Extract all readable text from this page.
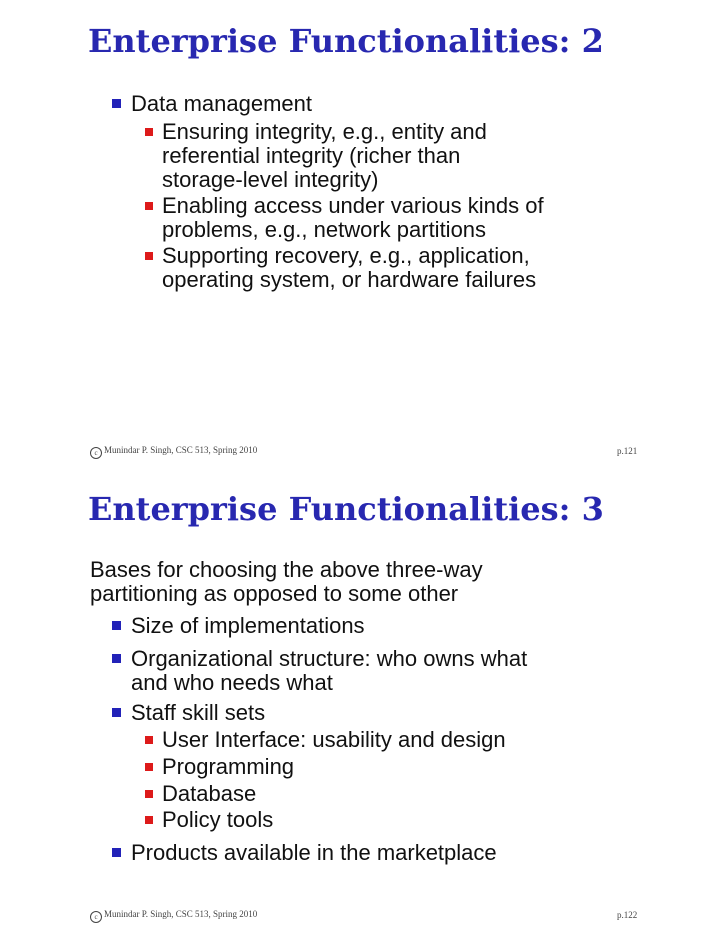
Enterprise Functionalities: 2
Data management
Ensuring integrity, e.g., entity and
referential integrity (richer than
storage-level integrity)
Enabling access under various kinds of
problems, e.g., network partitions
Supporting recovery, e.g., application,
operating system, or hardware failures
c Munindar P. Singh, CSC 513, Spring 2010	p.121
Enterprise Functionalities: 3
Bases for choosing the above three-way
partitioning as opposed to some other
Size of implementations
Organizational structure: who owns what
and who needs what
Staff skill sets
User Interface: usability and design
Programming
Database
Policy tools
Products available in the marketplace
c Munindar P. Singh, CSC 513, Spring 2010	p.122
